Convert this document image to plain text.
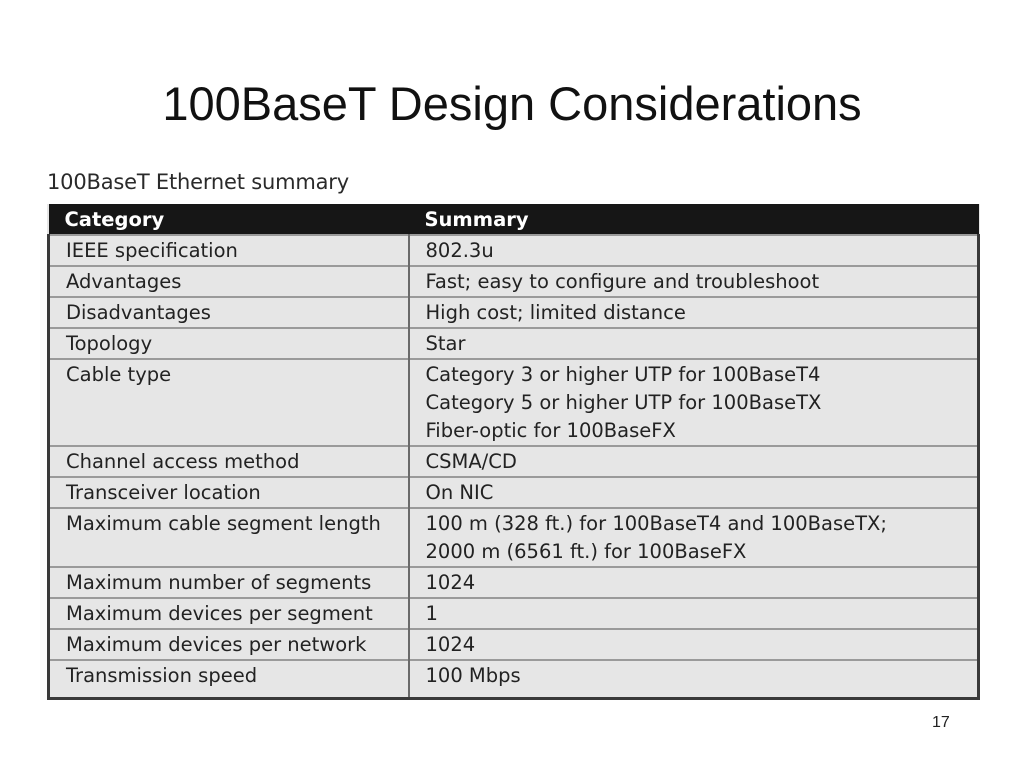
100BaseT Design Considerations
100BaseT Ethernet summary
Category	Summary
IEEE specification	802.3u

Advantages	Fast; easy to configure and troubleshoot

Disadvantages	High cost; limited distance

Topology	Star

Cable type	Category 3 or higher UTP for 100BaseT4
Category 5 or higher UTP for 100BaseTX
Fiber-optic for 100BaseFX

Channel access method	CSMA/CD

Transceiver location	On NIC

Maximum cable segment length	100 m (328 ft.) for 100BaseT4 and 100BaseTX;
2000 m (6561 ft.) for 100BaseFX

Maximum number of segments	1024

Maximum devices per segment	1

Maximum devices per network	1024

Transmission speed	100 Mbps
17
